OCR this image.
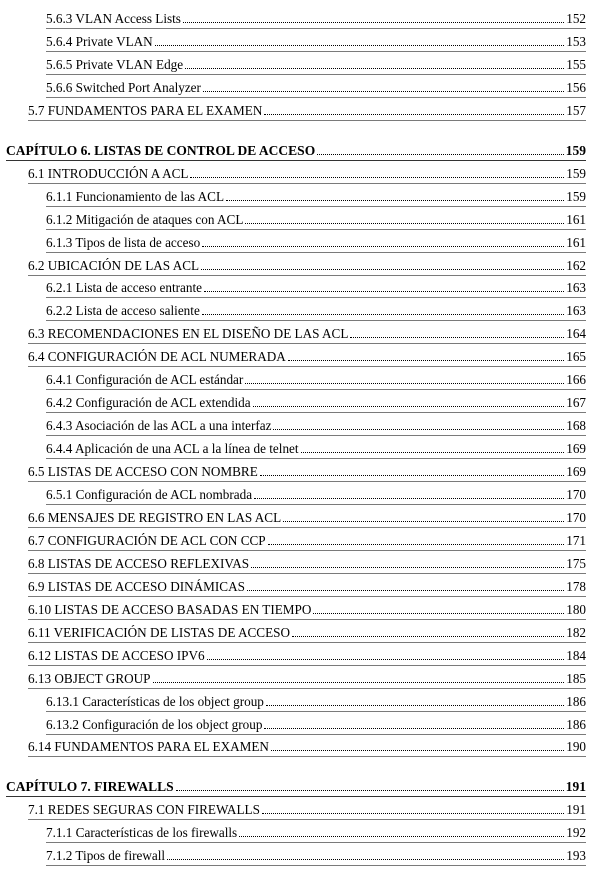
5.6.3 VLAN Access Lists	152
5.6.4 Private VLAN	153
5.6.5 Private VLAN Edge	155
5.6.6 Switched Port Analyzer	156
5.7 FUNDAMENTOS PARA EL EXAMEN	157
CAPÍTULO 6. LISTAS DE CONTROL DE ACCESO	159
6.1 INTRODUCCIÓN A ACL	159
6.1.1 Funcionamiento de las ACL	159
6.1.2 Mitigación de ataques con ACL	161
6.1.3 Tipos de lista de acceso	161
6.2 UBICACIÓN DE LAS ACL	162
6.2.1 Lista de acceso entrante	163
6.2.2 Lista de acceso saliente	163
6.3 RECOMENDACIONES EN EL DISEÑO DE LAS ACL	164
6.4 CONFIGURACIÓN DE ACL NUMERADA	165
6.4.1 Configuración de ACL estándar	166
6.4.2 Configuración de ACL extendida	167
6.4.3 Asociación de las ACL a una interfaz	168
6.4.4 Aplicación de una ACL a la línea de telnet	169
6.5 LISTAS DE ACCESO CON NOMBRE	169
6.5.1 Configuración de ACL nombrada	170
6.6 MENSAJES DE REGISTRO EN LAS ACL	170
6.7 CONFIGURACIÓN DE ACL CON CCP	171
6.8 LISTAS DE ACCESO REFLEXIVAS	175
6.9 LISTAS DE ACCESO DINÁMICAS	178
6.10 LISTAS DE ACCESO BASADAS EN TIEMPO	180
6.11 VERIFICACIÓN DE LISTAS DE ACCESO	182
6.12 LISTAS DE ACCESO IPV6	184
6.13 OBJECT GROUP	185
6.13.1 Características de los object group	186
6.13.2 Configuración de los object group	186
6.14 FUNDAMENTOS PARA EL EXAMEN	190
CAPÍTULO 7. FIREWALLS	191
7.1 REDES SEGURAS CON FIREWALLS	191
7.1.1 Características de los firewalls	192
7.1.2 Tipos de firewall	193
